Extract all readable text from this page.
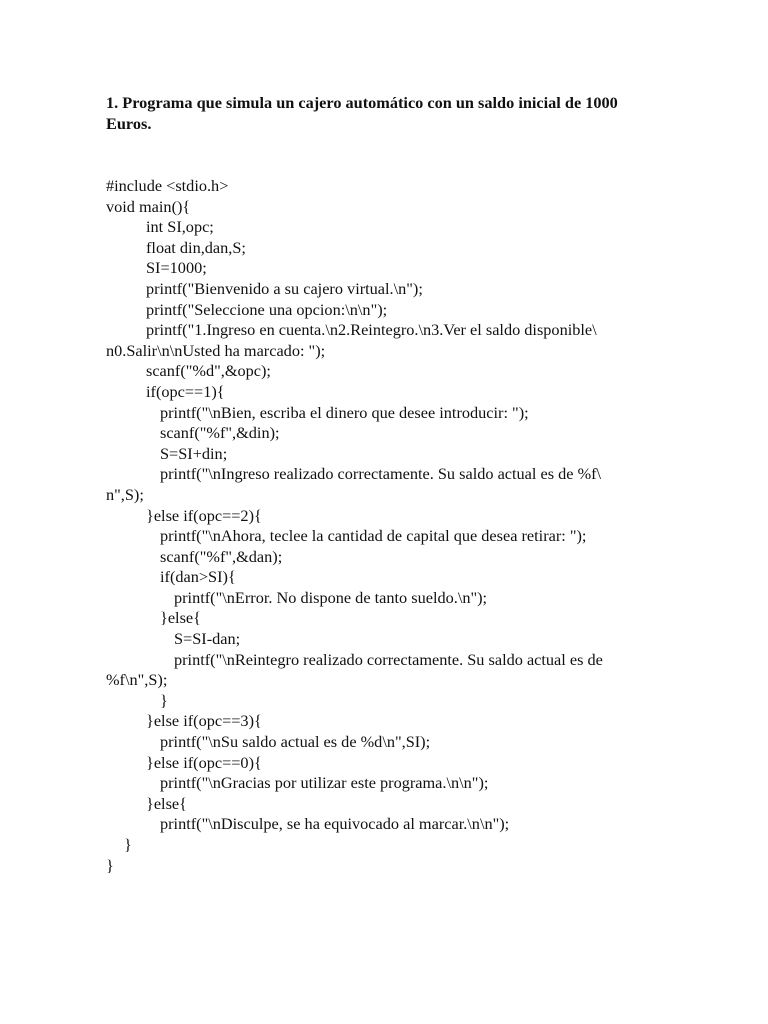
1. Programa que simula un cajero automático con un saldo inicial de 1000
Euros.
#include <stdio.h>
void main(){
int SI,opc;
float din,dan,S;
SI=1000;
printf("Bienvenido a su cajero virtual.\n");
printf("Seleccione una opcion:\n\n");
printf("1.Ingreso en cuenta.\n2.Reintegro.\n3.Ver el saldo disponible\
n0.Salir\n\nUsted ha marcado: ");
scanf("%d",&opc);
if(opc==1){
printf("\nBien, escriba el dinero que desee introducir: ");
scanf("%f",&din);
S=SI+din;
printf("\nIngreso realizado correctamente. Su saldo actual es de %f\
n",S);
}else if(opc==2){
printf("\nAhora, teclee la cantidad de capital que desea retirar: ");
scanf("%f",&dan);
if(dan>SI){
printf("\nError. No dispone de tanto sueldo.\n");
}else{
S=SI-dan;
printf("\nReintegro realizado correctamente. Su saldo actual es de
%f\n",S);
}
}else if(opc==3){
printf("\nSu saldo actual es de %d\n",SI);
}else if(opc==0){
printf("\nGracias por utilizar este programa.\n\n");
}else{
printf("\nDisculpe, se ha equivocado al marcar.\n\n");
}
}
